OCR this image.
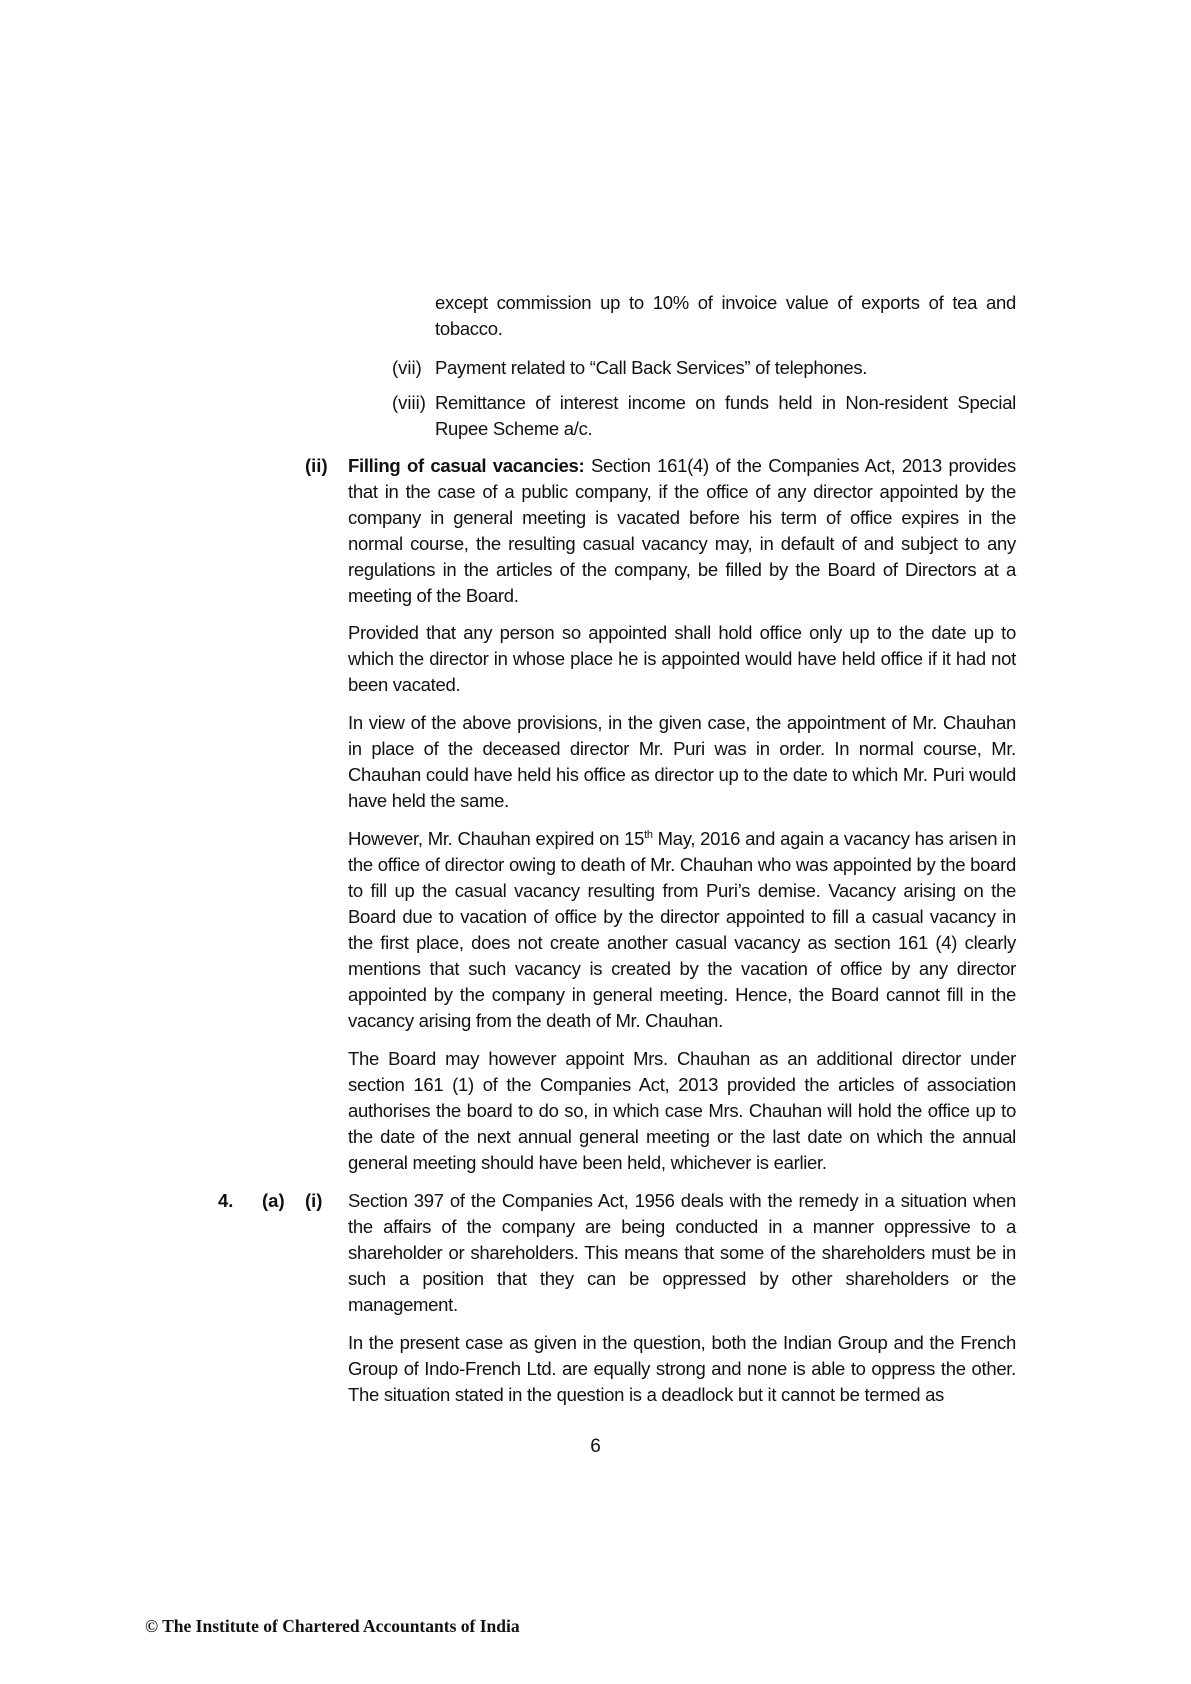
except commission up to 10% of invoice value of exports of tea and tobacco.
(vii) Payment related to “Call Back Services” of telephones.
(viii) Remittance of interest income on funds held in Non-resident Special Rupee Scheme a/c.
(ii) Filling of casual vacancies: Section 161(4) of the Companies Act, 2013 provides that in the case of a public company, if the office of any director appointed by the company in general meeting is vacated before his term of office expires in the normal course, the resulting casual vacancy may, in default of and subject to any regulations in the articles of the company, be filled by the Board of Directors at a meeting of the Board.
Provided that any person so appointed shall hold office only up to the date up to which the director in whose place he is appointed would have held office if it had not been vacated.
In view of the above provisions, in the given case, the appointment of Mr. Chauhan in place of the deceased director Mr. Puri was in order. In normal course, Mr. Chauhan could have held his office as director up to the date to which Mr. Puri would have held the same.
However, Mr. Chauhan expired on 15th May, 2016 and again a vacancy has arisen in the office of director owing to death of Mr. Chauhan who was appointed by the board to fill up the casual vacancy resulting from Puri’s demise. Vacancy arising on the Board due to vacation of office by the director appointed to fill a casual vacancy in the first place, does not create another casual vacancy as section 161 (4) clearly mentions that such vacancy is created by the vacation of office by any director appointed by the company in general meeting. Hence, the Board cannot fill in the vacancy arising from the death of Mr. Chauhan.
The Board may however appoint Mrs. Chauhan as an additional director under section 161 (1) of the Companies Act, 2013 provided the articles of association authorises the board to do so, in which case Mrs. Chauhan will hold the office up to the date of the next annual general meeting or the last date on which the annual general meeting should have been held, whichever is earlier.
4. (a) (i) Section 397 of the Companies Act, 1956 deals with the remedy in a situation when the affairs of the company are being conducted in a manner oppressive to a shareholder or shareholders. This means that some of the shareholders must be in such a position that they can be oppressed by other shareholders or the management.
In the present case as given in the question, both the Indian Group and the French Group of Indo-French Ltd. are equally strong and none is able to oppress the other. The situation stated in the question is a deadlock but it cannot be termed as
6
© The Institute of Chartered Accountants of India
